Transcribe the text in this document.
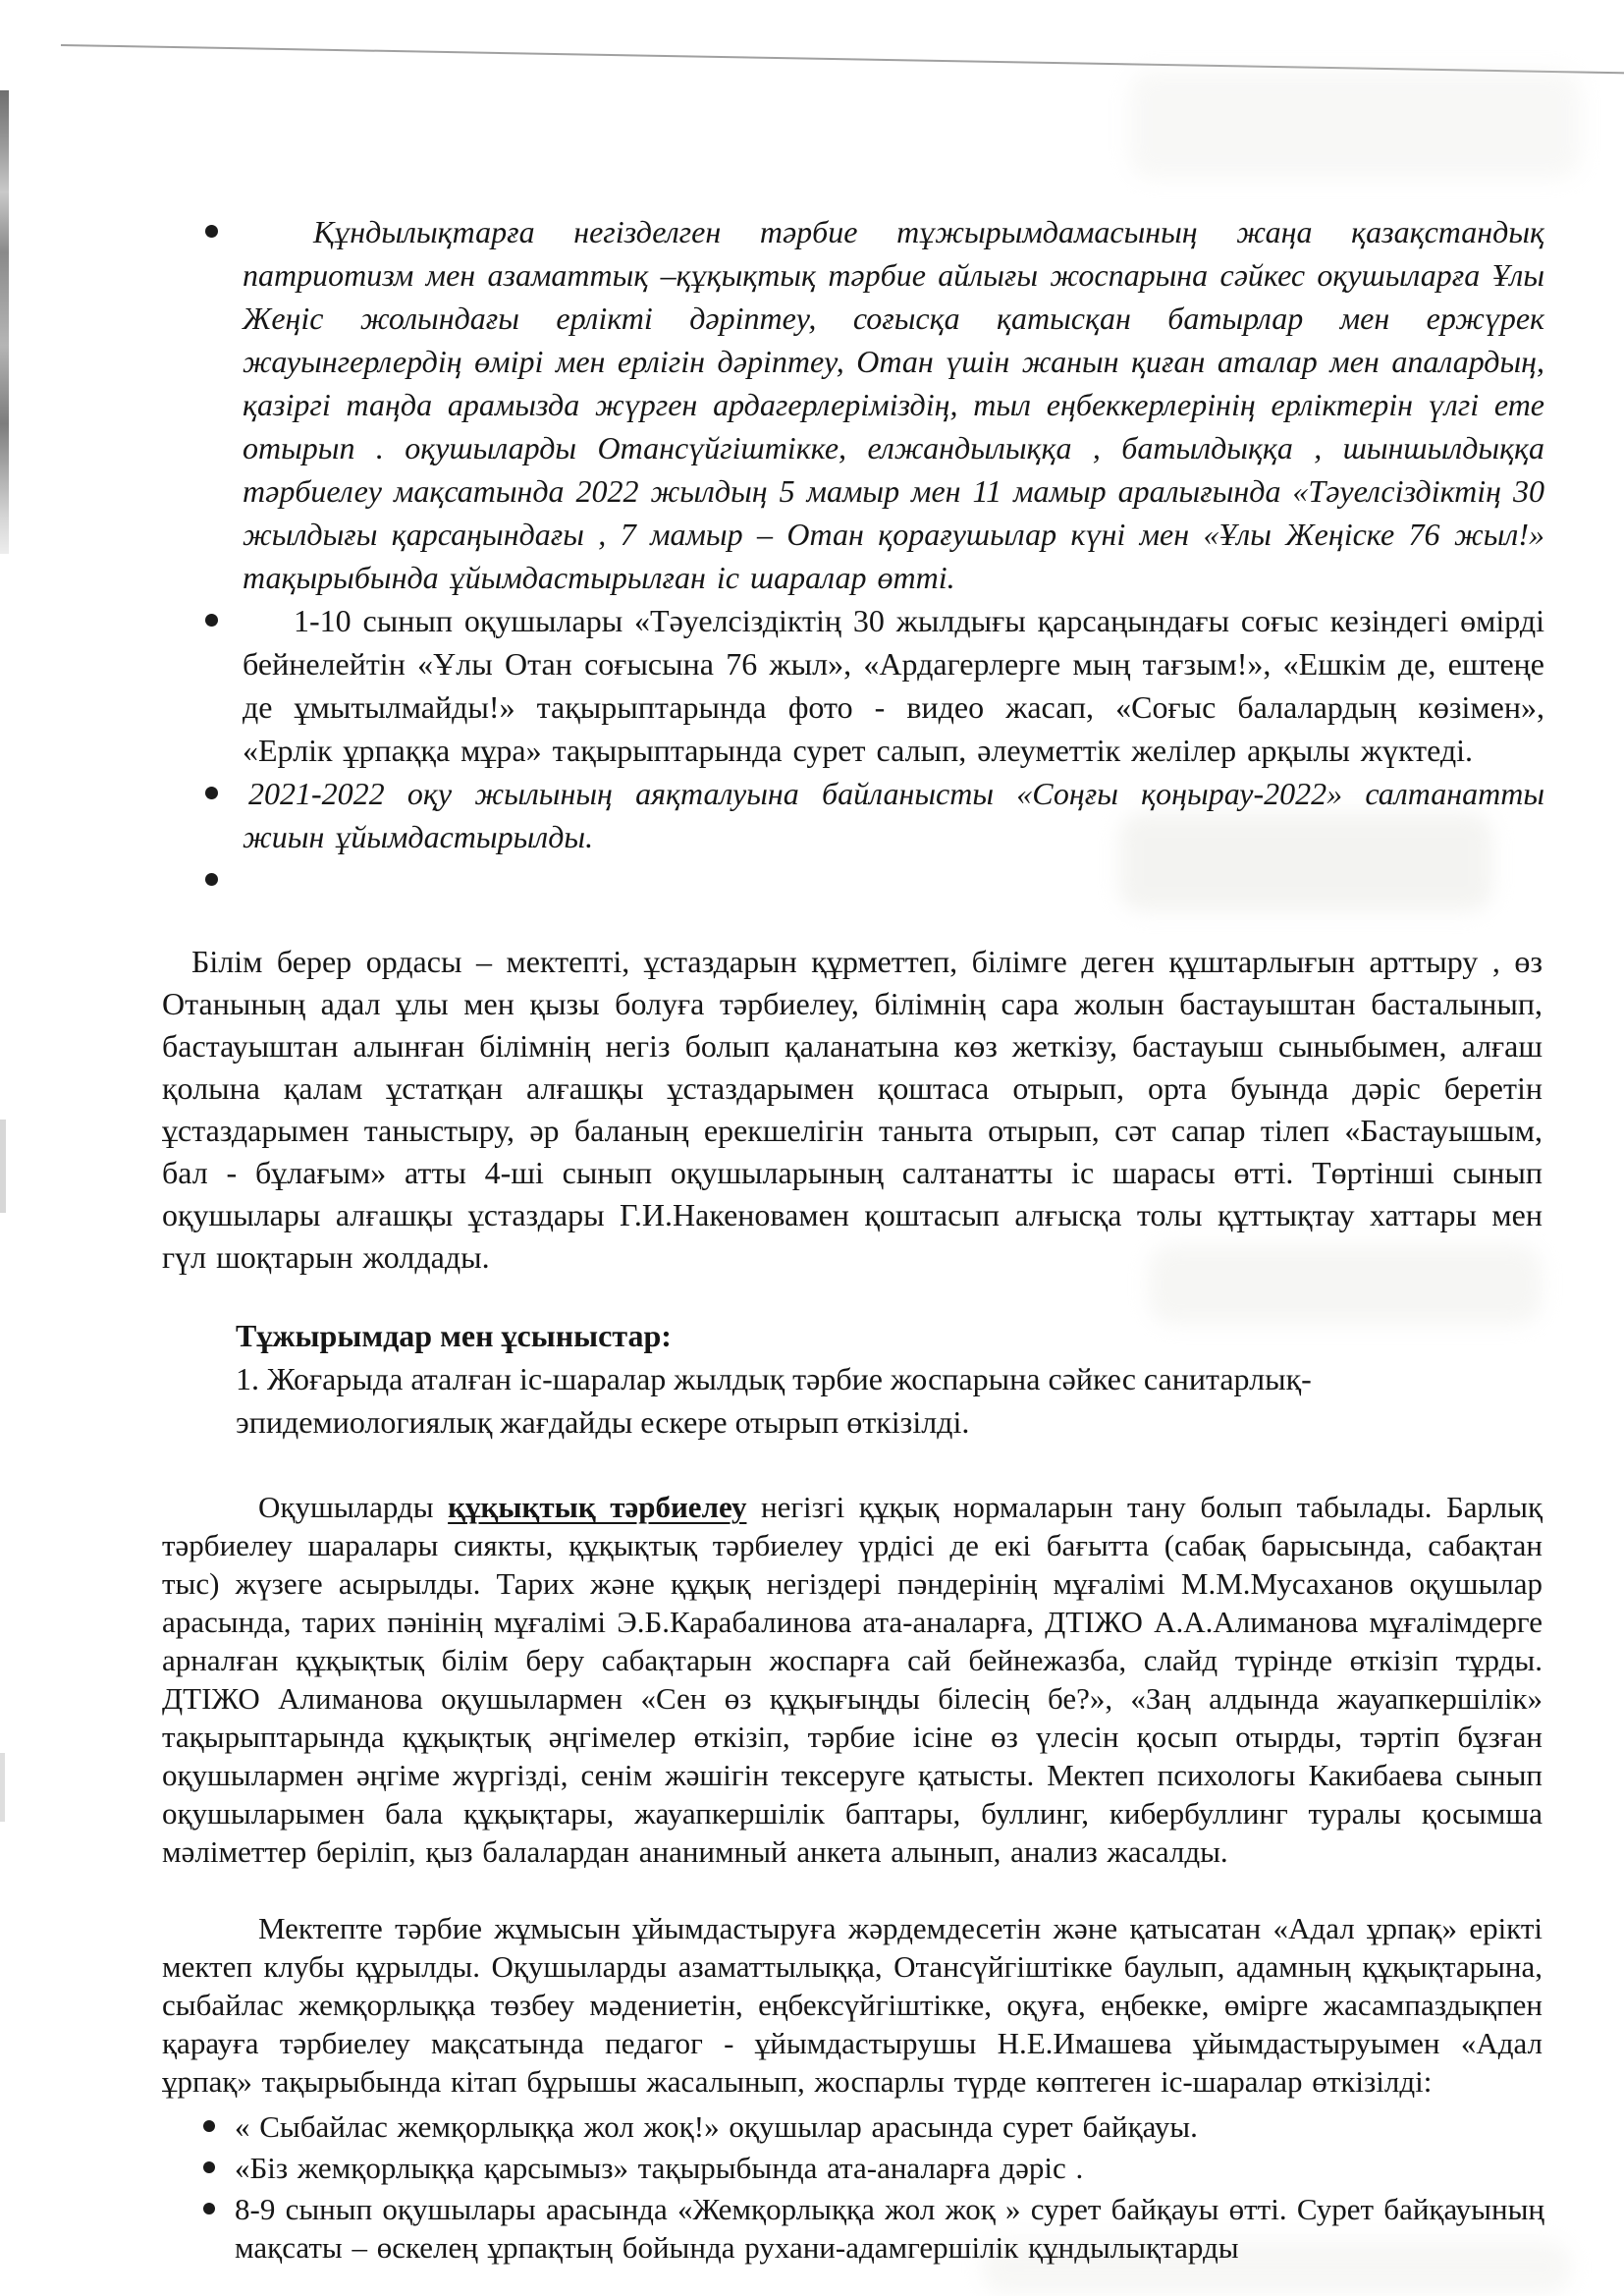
Құндылықтарға негізделген тәрбие тұжырымдамасының жаңа қазақстандық патриотизм мен азаматтық –құқықтық тәрбие айлығы жоспарына сәйкес оқушыларға Ұлы Жеңіс жолындағы ерлікті дәріптеу, соғысқа қатысқан батырлар мен ержүрек жауынгерлердің өмірі мен ерлігін дәріптеу, Отан үшін жанын қиған аталар мен апалардың, қазіргі таңда арамызда жүрген ардагерлеріміздің, тыл еңбеккерлерінің ерліктерін үлгі ете отырып . оқушыларды Отансүйгіштікке, елжандылыққа , батылдыққа , шыншылдыққа тәрбиелеу мақсатында 2022 жылдың 5 мамыр мен 11 мамыр аралығында «Тәуелсіздіктің 30 жылдығы қарсаңындағы , 7 мамыр – Отан қорағушылар күні мен «Ұлы Жеңіске 76 жыл!» тақырыбында ұйымдастырылған іс шаралар өтті.
1-10 сынып оқушылары «Тәуелсіздіктің 30 жылдығы қарсаңындағы соғыс кезіндегі өмірді бейнелейтін «Ұлы Отан соғысына 76 жыл», «Ардагерлерге мың тағзым!», «Ешкім де, ештеңе де ұмытылмайды!» тақырыптарында фото - видео жасап, «Соғыс балалардың көзімен», «Ерлік ұрпаққа мұра» тақырыптарында сурет салып, әлеуметтік желілер арқылы жүктеді.
2021-2022 оқу жылының аяқталуына байланысты «Соңғы қоңырау-2022» салтанатты жиын ұйымдастырылды.

Білім берер ордасы – мектепті, ұстаздарын құрметтеп, білімге деген құштарлығын арттыру , өз Отанының адал ұлы мен қызы болуға тәрбиелеу, білімнің сара жолын бастауыштан басталынып, бастауыштан алынған білімнің негіз болып қаланатына көз жеткізу, бастауыш сыныбымен, алғаш қолына қалам ұстатқан алғашқы ұстаздарымен қоштаса отырып, орта буында дәріс беретін ұстаздарымен таныстыру, әр баланың ерекшелігін таныта отырып, сәт сапар тілеп «Бастауышым, бал - бұлағым» атты 4-ші сынып оқушыларының салтанатты іс шарасы өтті. Төртінші сынып оқушылары алғашқы ұстаздары Г.И.Накеновамен қоштасып алғысқа толы құттықтау хаттары мен гүл шоқтарын жолдады.

Тұжырымдар мен ұсыныстар:
1. Жоғарыда аталған іс-шаралар жылдық тәрбие жоспарына сәйкес санитарлық-
эпидемиологиялық жағдайды ескере отырып өткізілді.

Оқушыларды құқықтық тәрбиелеу негізгі құқық нормаларын тану болып табылады. Барлық тәрбиелеу шаралары сиякты, құқықтық тәрбиелеу үрдісі де екі бағытта (сабақ барысында, сабақтан тыс) жүзеге асырылды. Тарих және құқық негіздері пәндерінің мұғалімі М.М.Мусаханов оқушылар арасында, тарих пәнінің мұғалімі Э.Б.Карабалинова ата-аналарға, ДТІЖО А.А.Алиманова мұғалімдерге арналған құқықтық білім беру сабақтарын жоспарға сай бейнежазба, слайд түрінде өткізіп тұрды. ДТІЖО Алиманова оқушылармен «Сен өз құқығыңды білесің бе?», «Заң алдында жауапкершілік» тақырыптарында құқықтық әңгімелер өткізіп, тәрбие ісіне өз үлесін қосып отырды, тәртіп бұзған оқушылармен әңгіме жүргізді, сенім жәшігін тексеруге қатысты. Мектеп психологы Какибаева сынып оқушыларымен бала құқықтары, жауапкершілік баптары, буллинг, кибербуллинг туралы қосымша мәліметтер беріліп, қыз балалардан ананимный анкета алынып, анализ жасалды.

Мектепте тәрбие жұмысын ұйымдастыруға жәрдемдесетін және қатысатан «Адал ұрпақ» ерікті мектеп клубы құрылды. Оқушыларды азаматтылыққа, Отансүйгіштікке баулып, адамның құқықтарына, сыбайлас жемқорлыққа төзбеу мәдениетін, еңбексүйгіштікке, оқуға, еңбекке, өмірге жасампаздықпен қарауға тәрбиелеу мақсатында педагог - ұйымдастырушы Н.Е.Имашева ұйымдастыруымен «Адал ұрпақ» тақырыбында кітап бұрышы жасалынып, жоспарлы түрде көптеген іс-шаралар өткізілді:

« Сыбайлас жемқорлыққа жол жоқ!» оқушылар арасында сурет байқауы.
«Біз жемқорлыққа қарсымыз» тақырыбында ата-аналарға дәріс .
8-9 сынып оқушылары арасында «Жемқорлыққа жол жоқ » сурет байқауы өтті. Сурет байқауының мақсаты – өскелең ұрпақтың бойында рухани-адамгершілік құндылықтарды
